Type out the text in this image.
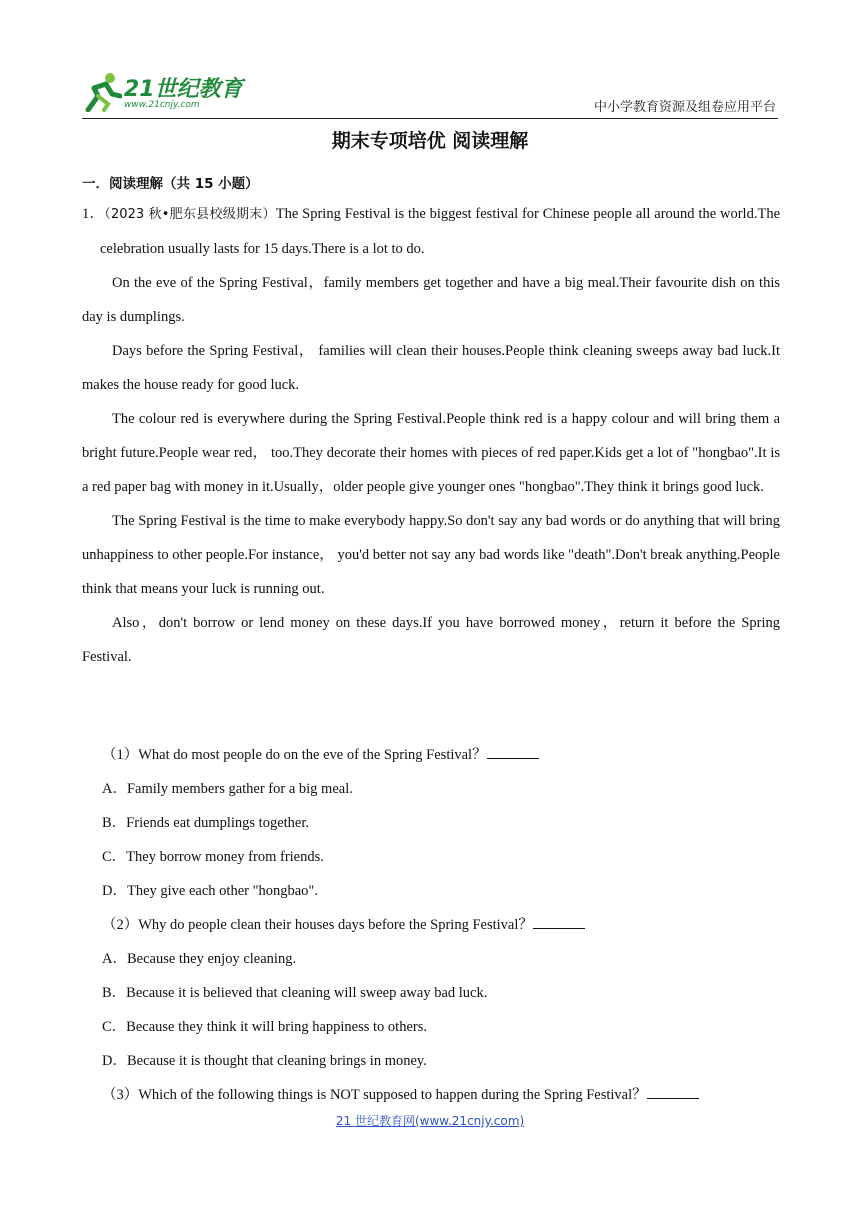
21世纪教育
www.21cnjy.com	中小学教育资源及组卷应用平台
期末专项培优 阅读理解
一．阅读理解（共 15 小题）

1．（2023 秋•肥东县校级期末）The Spring Festival is the biggest festival for Chinese people all around the world.The celebration usually lasts for 15 days.There is a lot to do.

On the eve of the Spring Festival，family members get together and have a big meal.Their favourite dish on this day is dumplings.

Days before the Spring Festival， families will clean their houses.People think cleaning sweeps away bad luck.It makes the house ready for good luck.

The colour red is everywhere during the Spring Festival.People think red is a happy colour and will bring them a bright future.People wear red， too.They decorate their homes with pieces of red paper.Kids get a lot of "hongbao".It is a red paper bag with money in it.Usually，older people give younger ones "hongbao".They think it brings good luck.

The Spring Festival is the time to make everybody happy.So don't say any bad words or do anything that will bring unhappiness to other people.For instance， you'd better not say any bad words like "death".Don't break anything.People think that means your luck is running out.

Also，don't borrow or lend money on these days.If you have borrowed money，return it before the Spring Festival.

（1）What do most people do on the eve of the Spring Festival？
A．Family members gather for a big meal.
B．Friends eat dumplings together.
C．They borrow money from friends.
D．They give each other "hongbao".
（2）Why do people clean their houses days before the Spring Festival？
A．Because they enjoy cleaning.
B．Because it is believed that cleaning will sweep away bad luck.
C．Because they think it will bring happiness to others.
D．Because it is thought that cleaning brings in money.
（3）Which of the following things is NOT supposed to happen during the Spring Festival？
21 世纪教育网(www.21cnjy.com)
